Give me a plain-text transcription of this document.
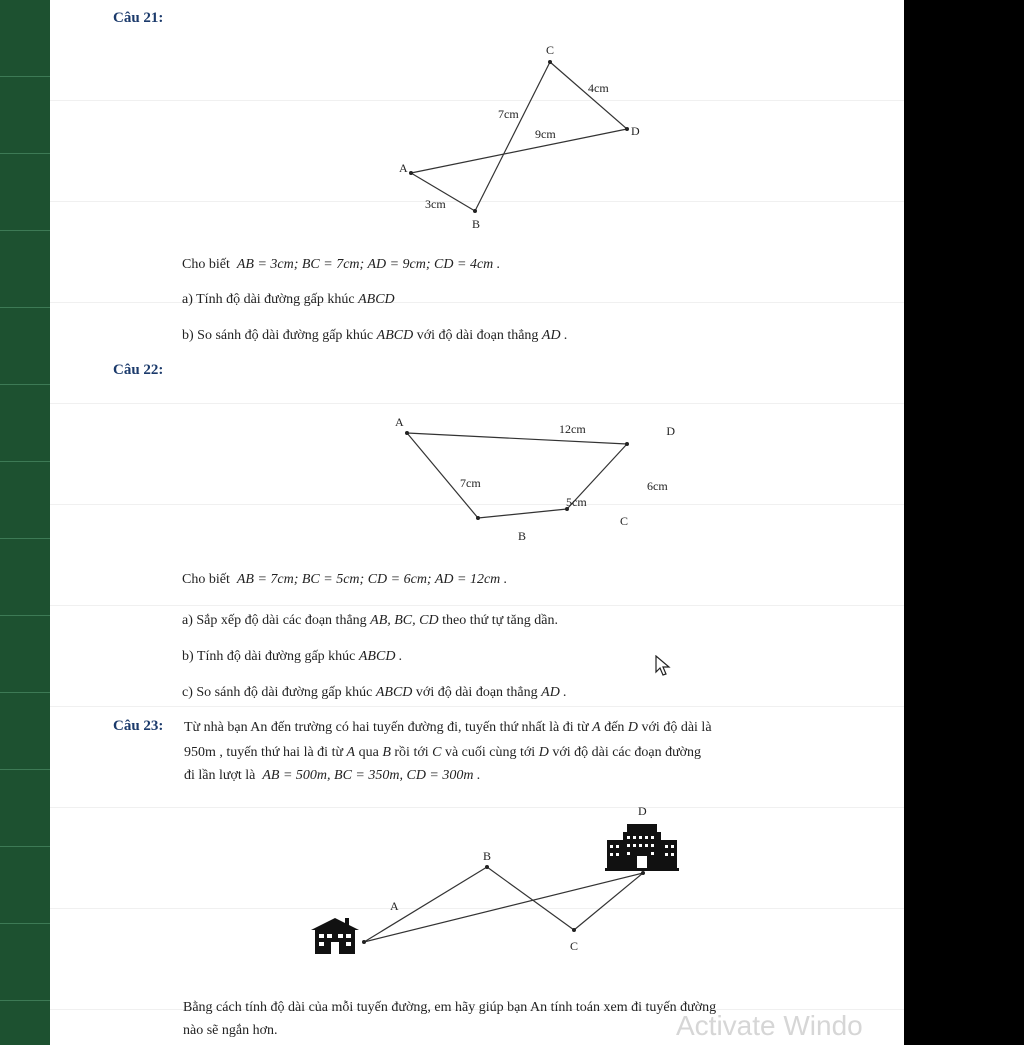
Câu 21:
C
D
A
B
4cm
7cm
9cm
3cm
Cho biết AB = 3cm; BC = 7cm; AD = 9cm; CD = 4cm .
a) Tính độ dài đường gấp khúc ABCD
b) So sánh độ dài đường gấp khúc ABCD với độ dài đoạn thẳng AD .
Câu 22:
A
D
B
C
12cm
7cm
5cm
6cm
Cho biết AB = 7cm; BC = 5cm; CD = 6cm; AD = 12cm .
a) Sắp xếp độ dài các đoạn thẳng AB, BC, CD theo thứ tự tăng dần.
b) Tính độ dài đường gấp khúc ABCD .
c) So sánh độ dài đường gấp khúc ABCD với độ dài đoạn thẳng AD .
Câu 23: Từ nhà bạn An đến trường có hai tuyến đường đi, tuyến thứ nhất là đi từ A đến D với độ dài là
950m , tuyến thứ hai là đi từ A qua B rồi tới C và cuối cùng tới D với độ dài các đoạn đường
đi lần lượt là AB = 500m, BC = 350m, CD = 300m .
A
B
C
D
Bằng cách tính độ dài của mỗi tuyến đường, em hãy giúp bạn An tính toán xem đi tuyến đường
nào sẽ ngắn hơn.	Activate Windo
